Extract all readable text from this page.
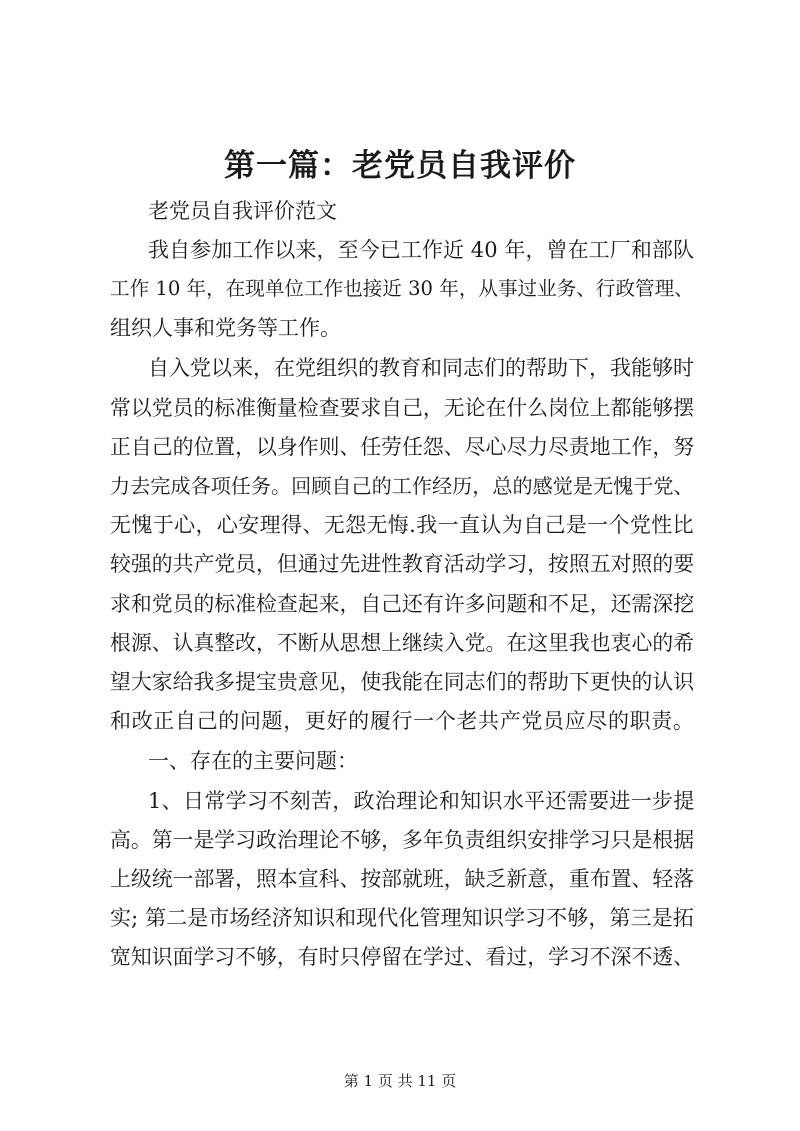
第一篇：老党员自我评价
老党员自我评价范文
我自参加工作以来，至今已工作近 40 年，曾在工厂和部队
工作 10 年，在现单位工作也接近 30 年，从事过业务、行政管理、
组织人事和党务等工作。
自入党以来，在党组织的教育和同志们的帮助下，我能够时
常以党员的标准衡量检查要求自己，无论在什么岗位上都能够摆
正自己的位置，以身作则、任劳任怨、尽心尽力尽责地工作，努
力去完成各项任务。回顾自己的工作经历，总的感觉是无愧于党、
无愧于心，心安理得、无怨无悔.我一直认为自己是一个党性比
较强的共产党员，但通过先进性教育活动学习，按照五对照的要
求和党员的标准检查起来，自己还有许多问题和不足，还需深挖
根源、认真整改，不断从思想上继续入党。在这里我也衷心的希
望大家给我多提宝贵意见，使我能在同志们的帮助下更快的认识
和改正自己的问题，更好的履行一个老共产党员应尽的职责。
一、存在的主要问题：
1、日常学习不刻苦，政治理论和知识水平还需要进一步提
高。第一是学习政治理论不够，多年负责组织安排学习只是根据
上级统一部署，照本宣科、按部就班，缺乏新意，重布置、轻落
实; 第二是市场经济知识和现代化管理知识学习不够，第三是拓
宽知识面学习不够，有时只停留在学过、看过，学习不深不透、
第 1 页 共 11 页
